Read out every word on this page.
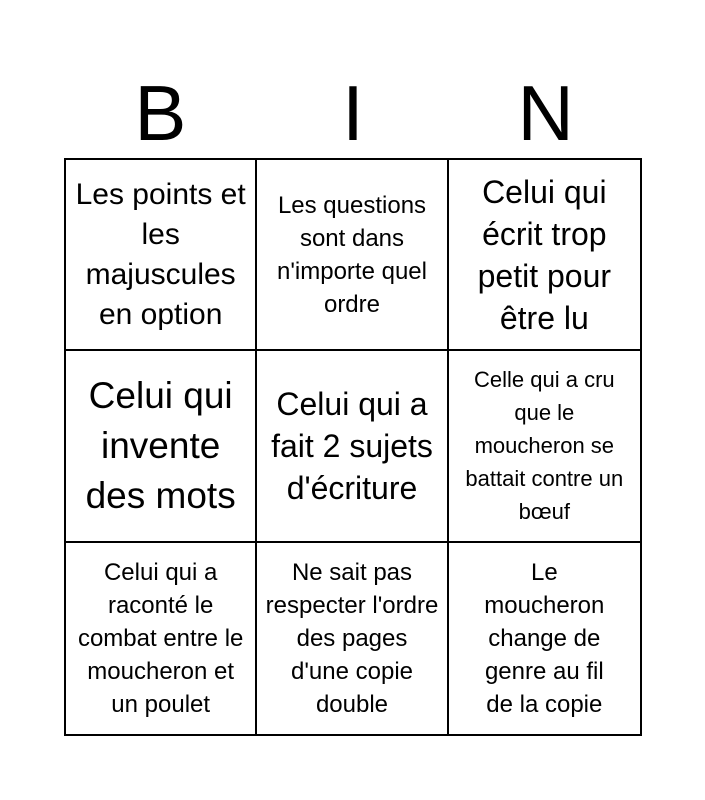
B	I	N
Les points et les majuscules en option
Les questions sont dans n'importe quel ordre
Celui qui écrit trop petit pour être lu
Celui qui invente des mots
Celui qui a fait 2 sujets d'écriture
Celle qui a cru que le moucheron se battait contre un bœuf
Celui qui a raconté le combat entre le moucheron et un poulet
Ne sait pas respecter l'ordre des pages d'une copie double
Le moucheron change de genre au fil de la copie
